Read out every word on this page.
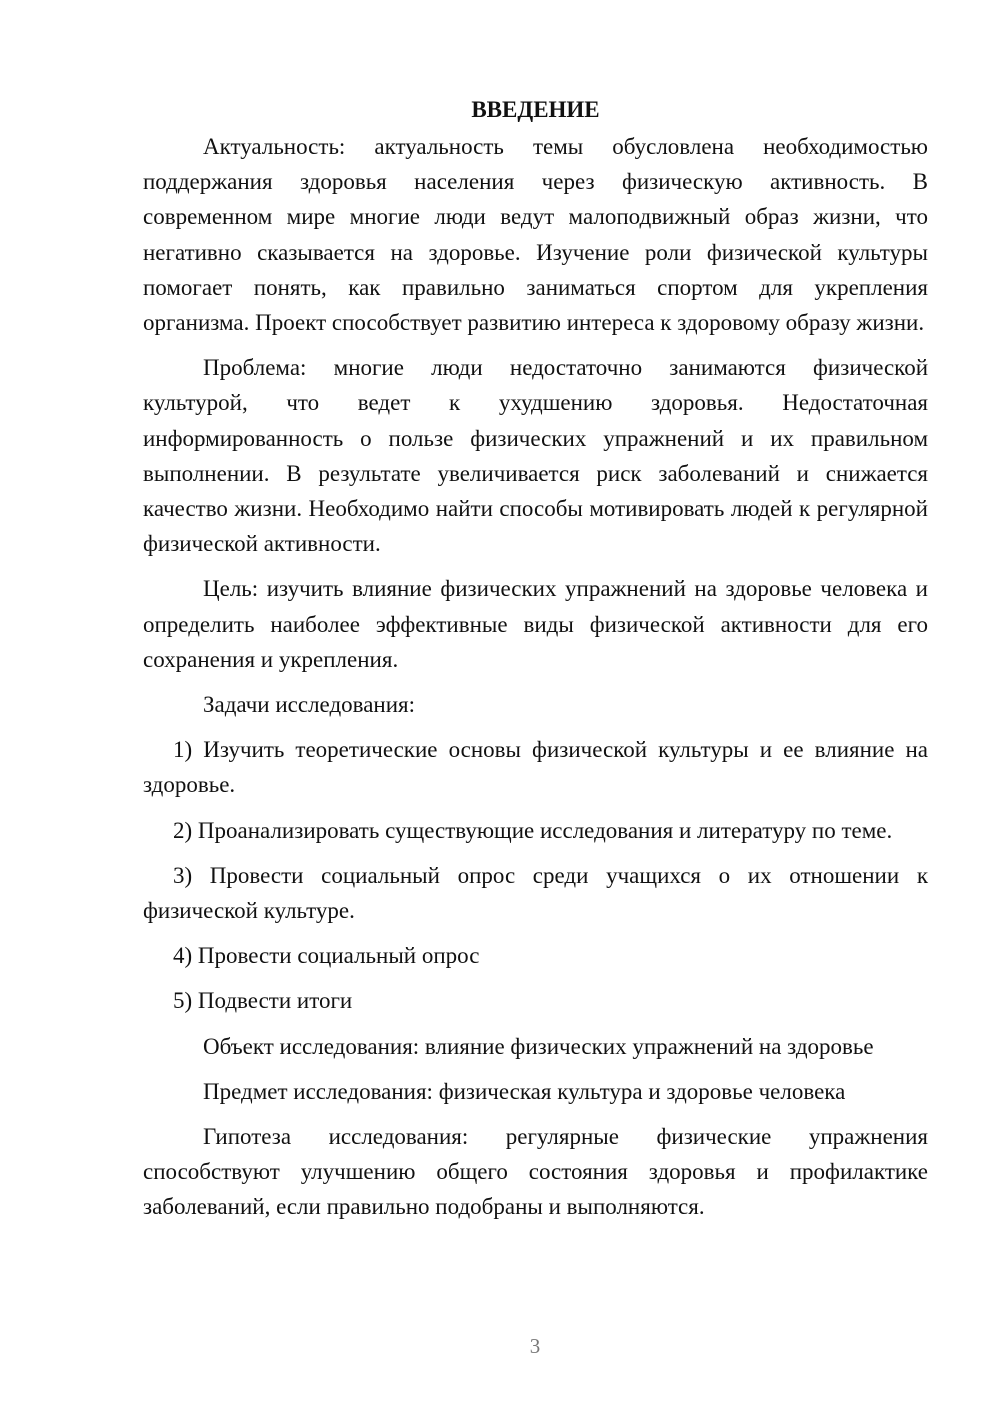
ВВЕДЕНИЕ

Актуальность: актуальность темы обусловлена необходимостью поддержания здоровья населения через физическую активность. В современном мире многие люди ведут малоподвижный образ жизни, что негативно сказывается на здоровье. Изучение роли физической культуры помогает понять, как правильно заниматься спортом для укрепления организма. Проект способствует развитию интереса к здоровому образу жизни.

Проблема: многие люди недостаточно занимаются физической культурой, что ведет к ухудшению здоровья. Недостаточная информированность о пользе физических упражнений и их правильном выполнении. В результате увеличивается риск заболеваний и снижается качество жизни. Необходимо найти способы мотивировать людей к регулярной физической активности.

Цель: изучить влияние физических упражнений на здоровье человека и определить наиболее эффективные виды физической активности для его сохранения и укрепления.

Задачи исследования:

1) Изучить теоретические основы физической культуры и ее влияние на здоровье.

2) Проанализировать существующие исследования и литературу по теме.

3) Провести социальный опрос среди учащихся о их отношении к физической культуре.

4) Провести социальный опрос

5) Подвести итоги

Объект исследования: влияние физических упражнений на здоровье

Предмет исследования: физическая культура и здоровье человека

Гипотеза исследования: регулярные физические упражнения способствуют улучшению общего состояния здоровья и профилактике заболеваний, если правильно подобраны и выполняются.

3
